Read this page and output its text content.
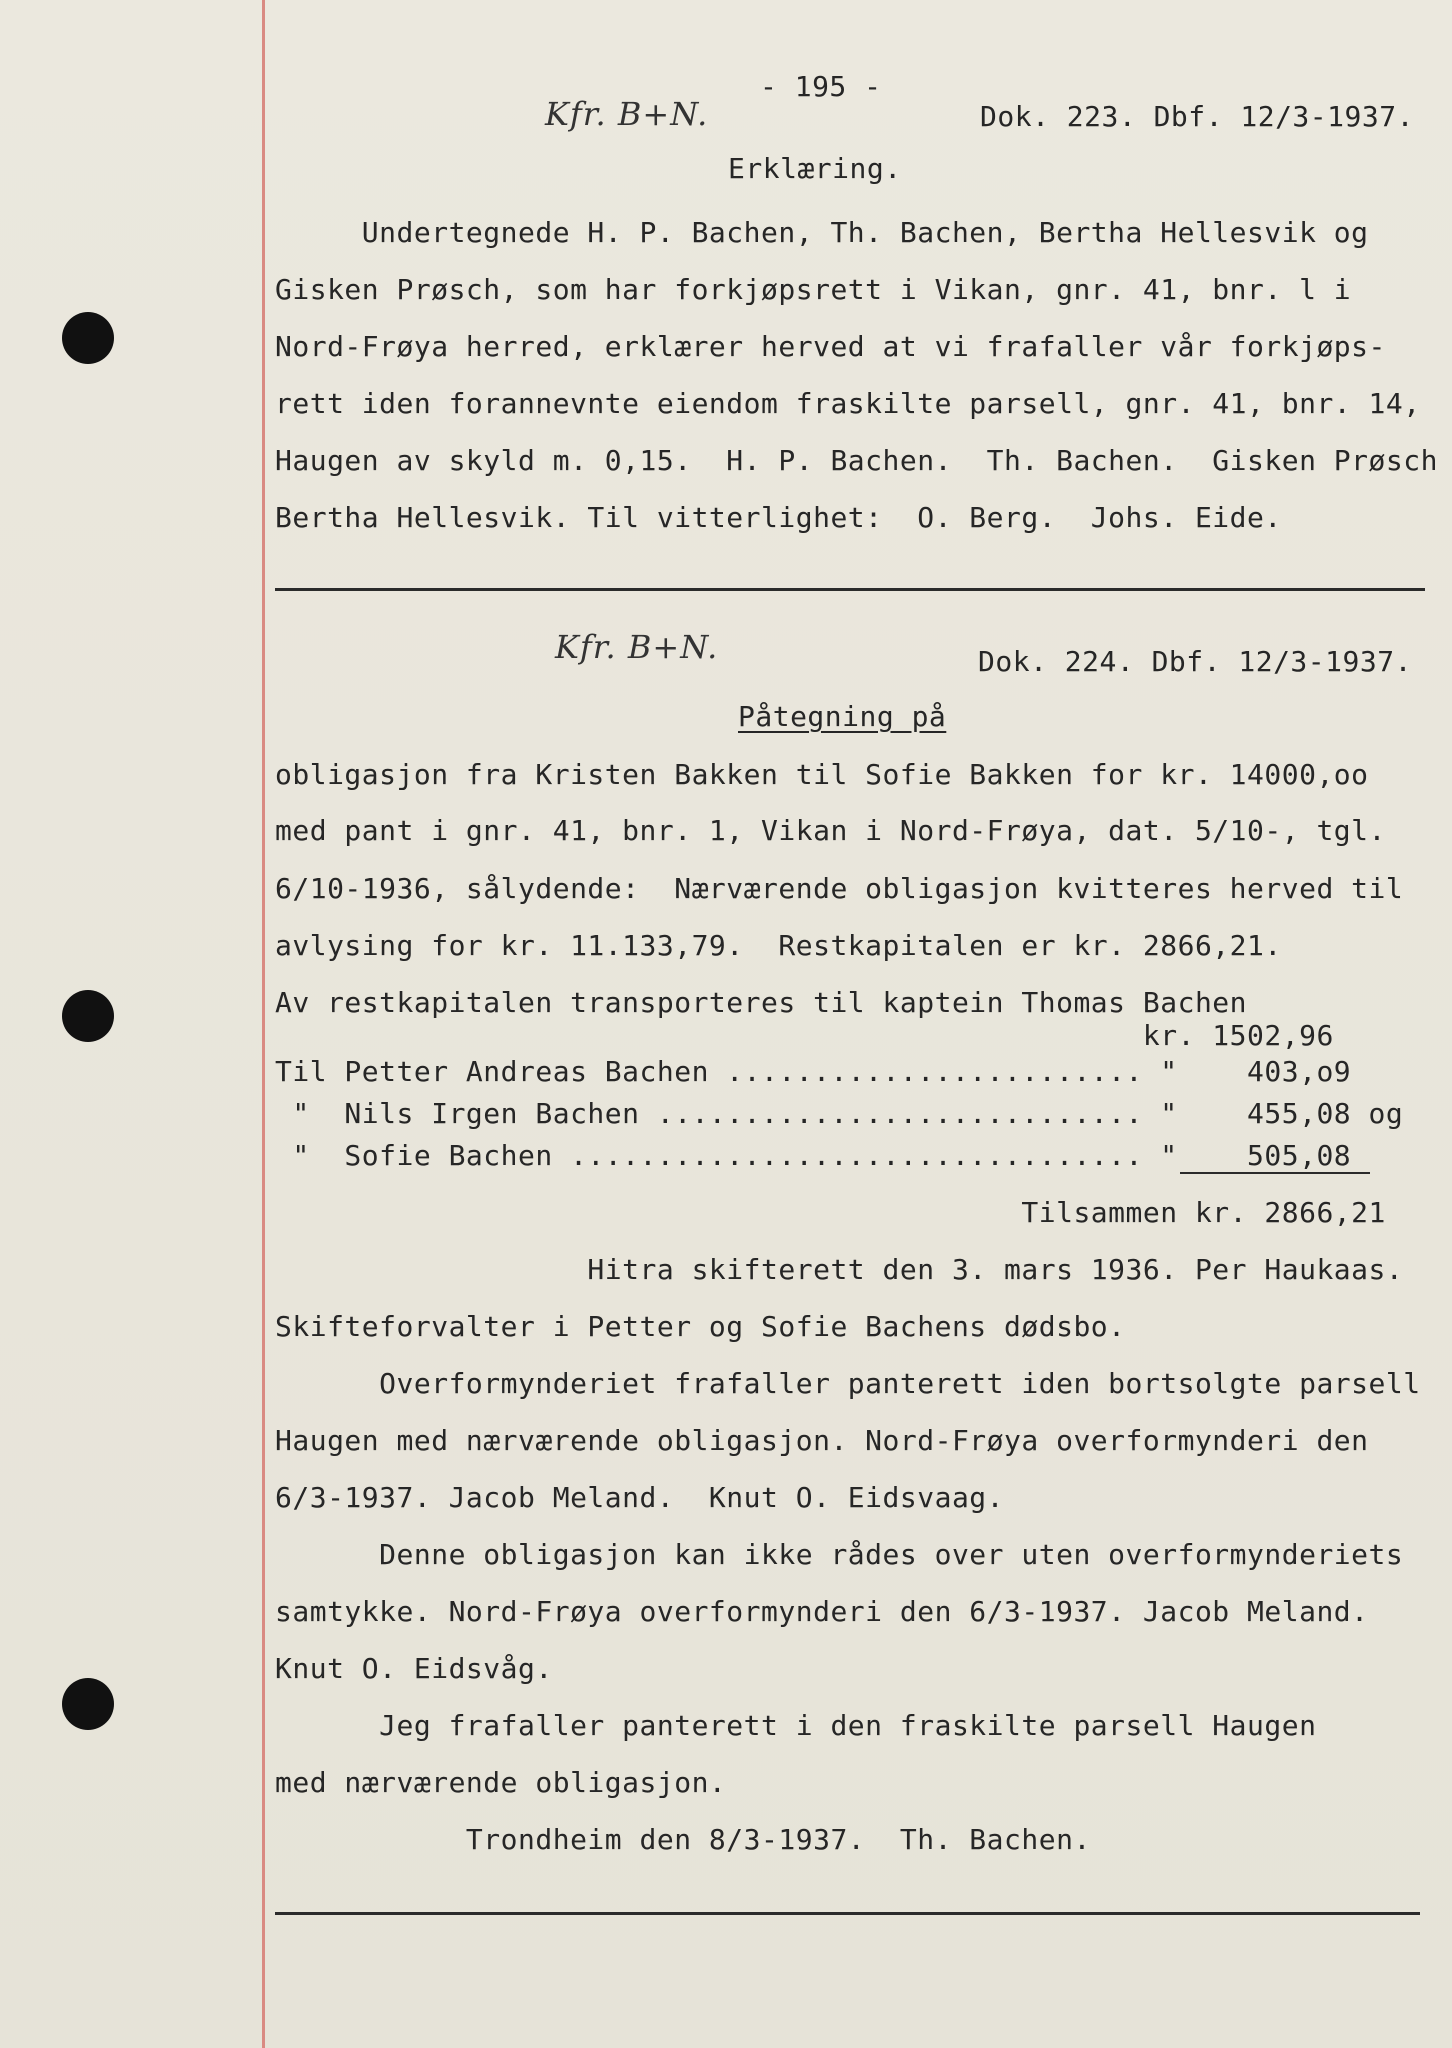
- 195 -
Kfr. B+N.	Dok. 223. Dbf. 12/3-1937.
Erklæring.
Undertegnede H. P. Bachen, Th. Bachen, Bertha Hellesvik og
Gisken Prøsch, som har forkjøpsrett i Vikan, gnr. 41, bnr. l i
Nord-Frøya herred, erklærer herved at vi frafaller vår forkjøps-
rett iden forannevnte eiendom fraskilte parsell, gnr. 41, bnr. 14,
Haugen av skyld m. 0,15.  H. P. Bachen.  Th. Bachen.  Gisken Prøsch
Bertha Hellesvik. Til vitterlighet:  O. Berg.  Johs. Eide.
Kfr. B+N.	Dok. 224. Dbf. 12/3-1937.
Påtegning på
obligasjon fra Kristen Bakken til Sofie Bakken for kr. 14000,oo
med pant i gnr. 41, bnr. 1, Vikan i Nord-Frøya, dat. 5/10-, tgl.
6/10-1936, sålydende:  Nærværende obligasjon kvitteres herved til
avlysing for kr. 11.133,79.  Restkapitalen er kr. 2866,21.
Av restkapitalen transporteres til kaptein Thomas Bachen
kr. 1502,96
Til Petter Andreas Bachen ........................ "    403,o9
"  Nils Irgen Bachen ............................ "    455,08 og
"  Sofie Bachen ................................. "    505,08
Tilsammen kr. 2866,21
Hitra skifterett den 3. mars 1936. Per Haukaas.
Skifteforvalter i Petter og Sofie Bachens dødsbo.
Overformynderiet frafaller panterett iden bortsolgte parsell
Haugen med nærværende obligasjon. Nord-Frøya overformynderi den
6/3-1937. Jacob Meland.  Knut O. Eidsvaag.
Denne obligasjon kan ikke rådes over uten overformynderiets
samtykke. Nord-Frøya overformynderi den 6/3-1937. Jacob Meland.
Knut O. Eidsvåg.
Jeg frafaller panterett i den fraskilte parsell Haugen
med nærværende obligasjon.
Trondheim den 8/3-1937.  Th. Bachen.
